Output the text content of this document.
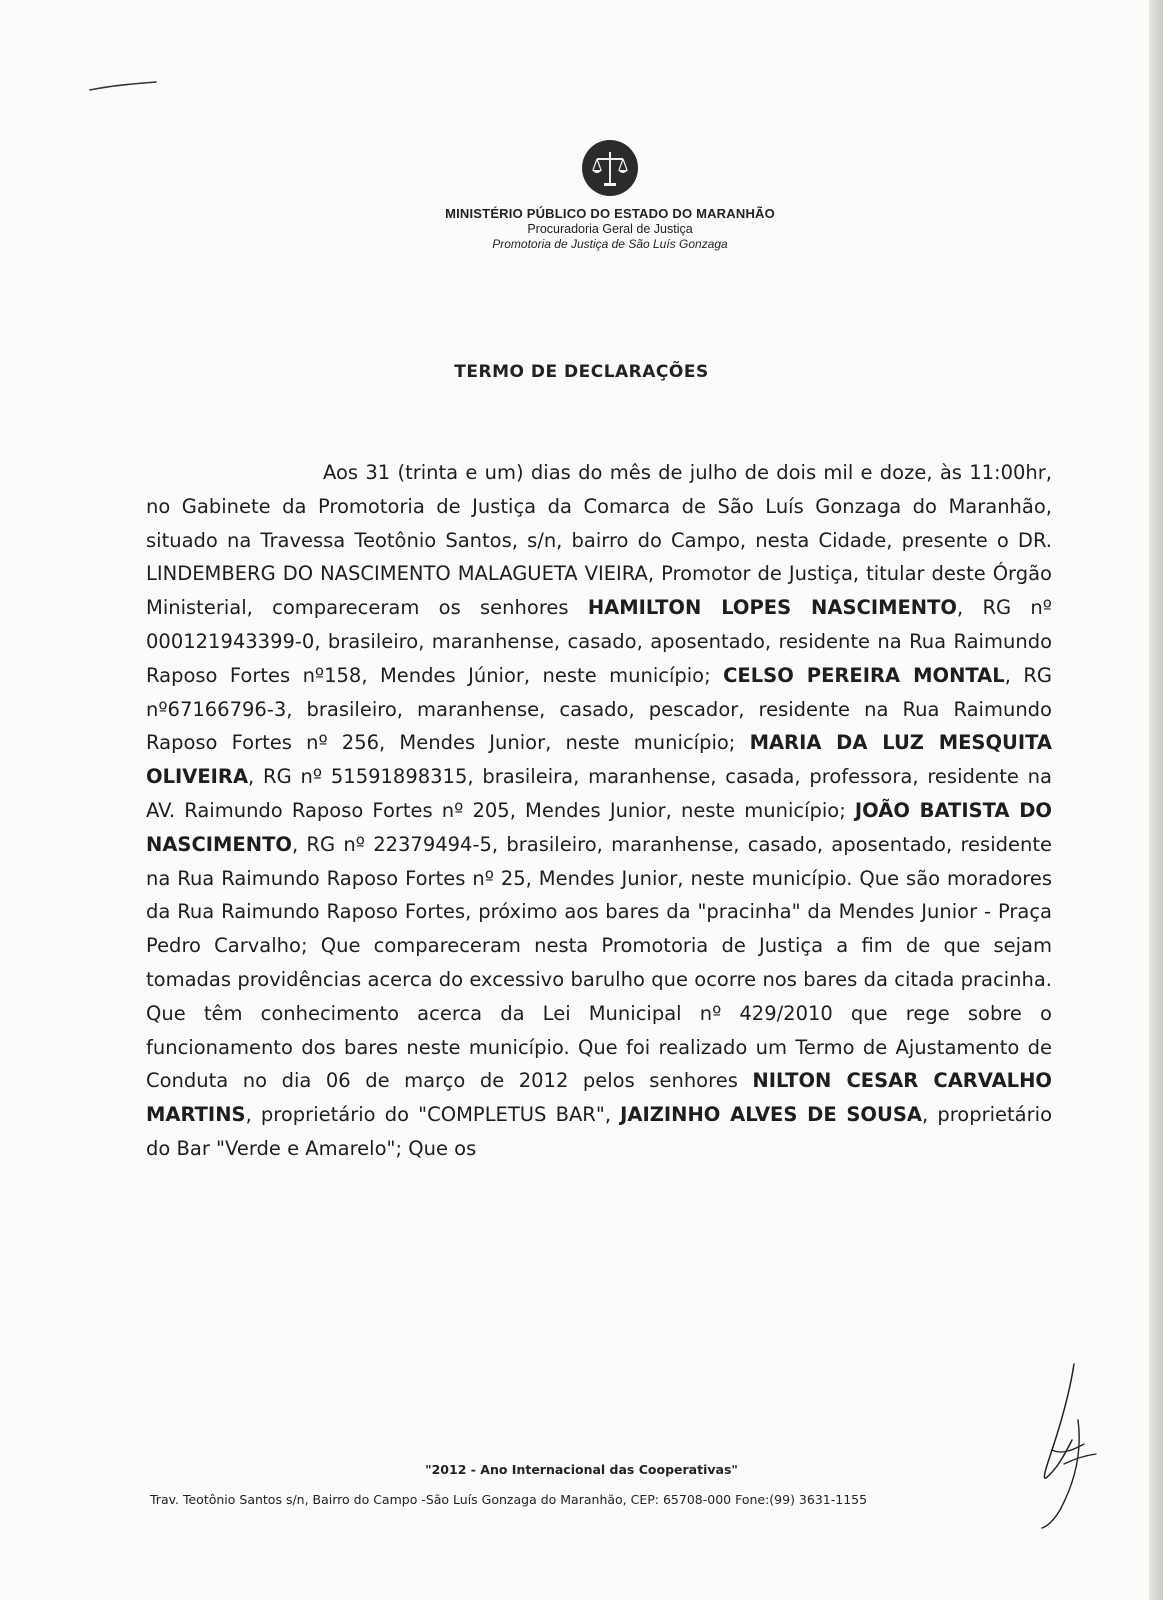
MINISTÉRIO PÚBLICO DO ESTADO DO MARANHÃO
Procuradoria Geral de Justiça
Promotoria de Justiça de São Luís Gonzaga
TERMO DE DECLARAÇÕES
Aos 31 (trinta e um) dias do mês de julho de dois mil e doze, às 11:00hr, no Gabinete da Promotoria de Justiça da Comarca de São Luís Gonzaga do Maranhão, situado na Travessa Teotônio Santos, s/n, bairro do Campo, nesta Cidade, presente o DR. LINDEMBERG DO NASCIMENTO MALAGUETA VIEIRA, Promotor de Justiça, titular deste Órgão Ministerial, compareceram os senhores HAMILTON LOPES NASCIMENTO, RG nº 000121943399-0, brasileiro, maranhense, casado, aposentado, residente na Rua Raimundo Raposo Fortes nº158, Mendes Júnior, neste município; CELSO PEREIRA MONTAL, RG nº67166796-3, brasileiro, maranhense, casado, pescador, residente na Rua Raimundo Raposo Fortes nº 256, Mendes Junior, neste município; MARIA DA LUZ MESQUITA OLIVEIRA, RG nº 51591898315, brasileira, maranhense, casada, professora, residente na AV. Raimundo Raposo Fortes nº 205, Mendes Junior, neste município; JOÃO BATISTA DO NASCIMENTO, RG nº 22379494-5, brasileiro, maranhense, casado, aposentado, residente na Rua Raimundo Raposo Fortes nº 25, Mendes Junior, neste município. Que são moradores da Rua Raimundo Raposo Fortes, próximo aos bares da "pracinha" da Mendes Junior - Praça Pedro Carvalho; Que compareceram nesta Promotoria de Justiça a fim de que sejam tomadas providências acerca do excessivo barulho que ocorre nos bares da citada pracinha. Que têm conhecimento acerca da Lei Municipal nº 429/2010 que rege sobre o funcionamento dos bares neste município. Que foi realizado um Termo de Ajustamento de Conduta no dia 06 de março de 2012 pelos senhores NILTON CESAR CARVALHO MARTINS, proprietário do "COMPLETUS BAR", JAIZINHO ALVES DE SOUSA, proprietário do Bar "Verde e Amarelo"; Que os
"2012 - Ano Internacional das Cooperativas"
Trav. Teotônio Santos s/n, Bairro do Campo -São Luís Gonzaga do Maranhão, CEP: 65708-000 Fone:(99) 3631-1155
